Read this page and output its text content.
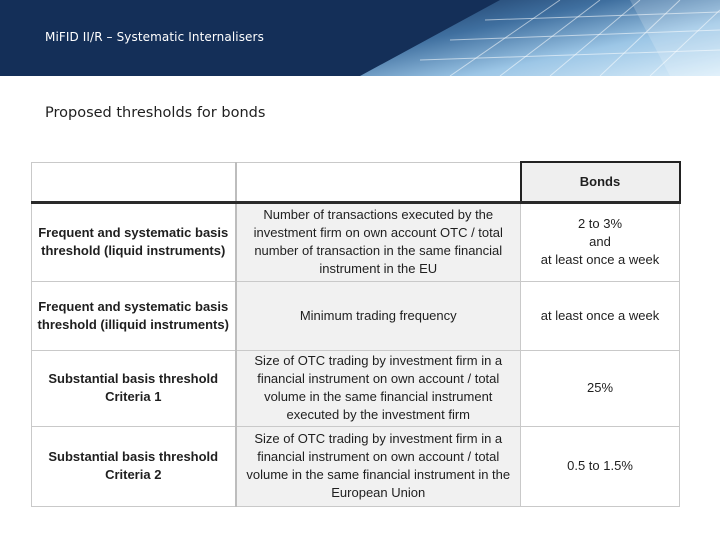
MiFID II/R – Systematic Internalisers
Proposed thresholds for bonds
		Bonds
Frequent and systematic basis threshold (liquid instruments)	Number of transactions executed by the investment firm on own account OTC / total number of transaction in the same financial instrument in the EU	2 to 3%
and
at least once a week

Frequent and systematic basis threshold (illiquid instruments)	Minimum trading frequency	at least once a week

Substantial basis threshold Criteria 1	Size of OTC trading by investment firm in a financial instrument on own account / total volume in the same financial instrument executed by the investment firm	25%

Substantial basis threshold Criteria 2	Size of OTC trading by investment firm in a financial instrument on own account / total volume in the same financial instrument in the European Union	0.5 to 1.5%
